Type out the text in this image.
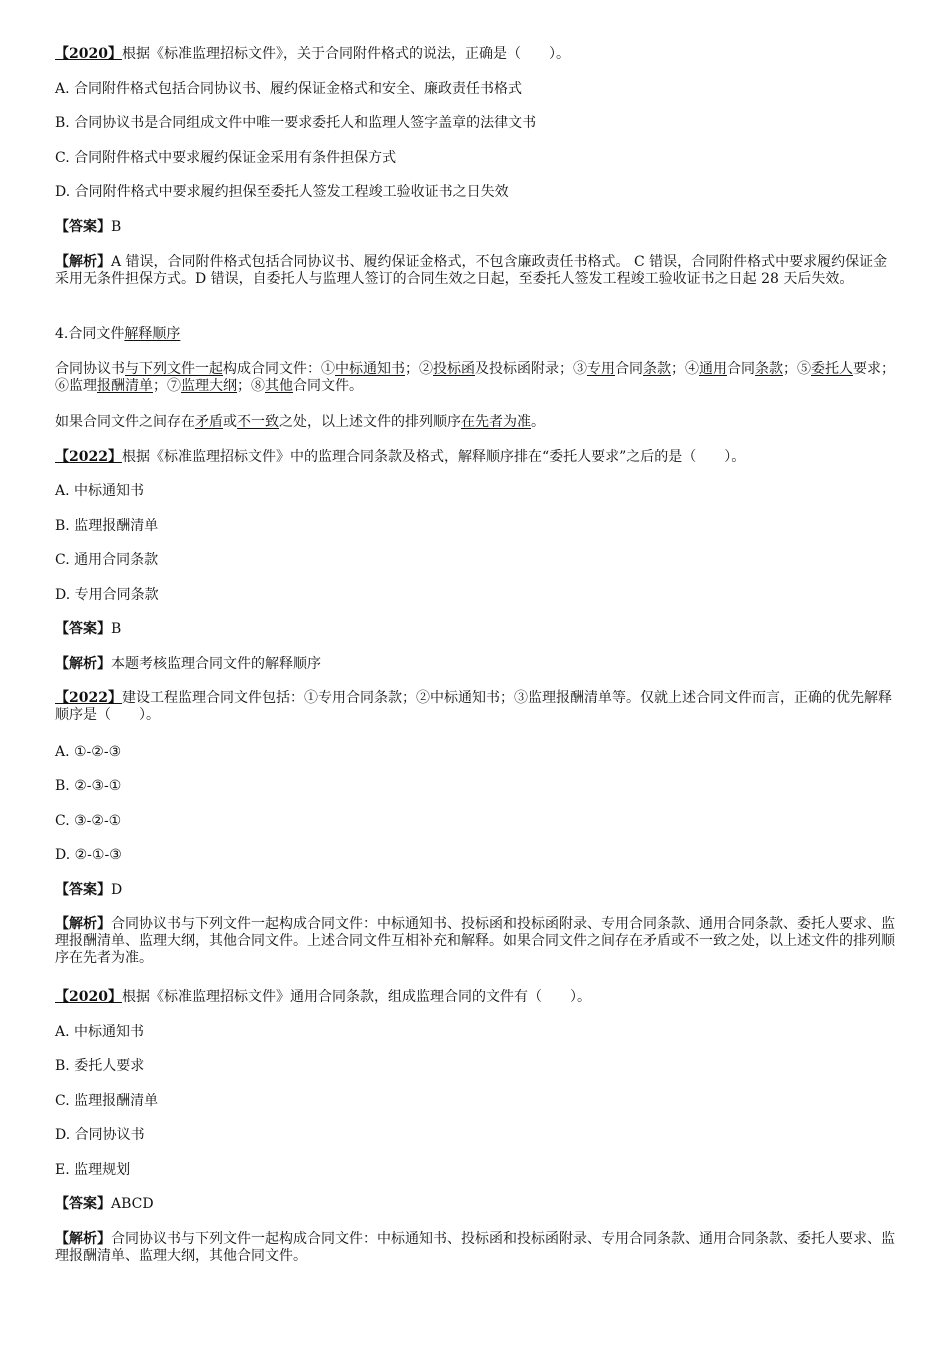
【2020】根据《标准监理招标文件》，关于合同附件格式的说法，正确是（　　）。
A. 合同附件格式包括合同协议书、履约保证金格式和安全、廉政责任书格式
B. 合同协议书是合同组成文件中唯一要求委托人和监理人签字盖章的法律文书
C. 合同附件格式中要求履约保证金采用有条件担保方式
D. 合同附件格式中要求履约担保至委托人签发工程竣工验收证书之日失效
【答案】B
【解析】A 错误，合同附件格式包括合同协议书、履约保证金格式，不包含廉政责任书格式。 C 错误，合同附件格式中要求履约保证金采用无条件担保方式。D 错误，自委托人与监理人签订的合同生效之日起，至委托人签发工程竣工验收证书之日起 28 天后失效。
4.合同文件解释顺序
合同协议书与下列文件一起构成合同文件：①中标通知书；②投标函及投标函附录；③专用合同条款；④通用合同条款；⑤委托人要求；⑥监理报酬清单；⑦监理大纲；⑧其他合同文件。
如果合同文件之间存在矛盾或不一致之处，以上述文件的排列顺序在先者为准。
【2022】根据《标准监理招标文件》中的监理合同条款及格式，解释顺序排在“委托人要求”之后的是（　　）。
A. 中标通知书
B. 监理报酬清单
C. 通用合同条款
D. 专用合同条款
【答案】B
【解析】本题考核监理合同文件的解释顺序
【2022】建设工程监理合同文件包括：①专用合同条款；②中标通知书；③监理报酬清单等。仅就上述合同文件而言，正确的优先解释顺序是（　　）。
A. ①-②-③
B. ②-③-①
C. ③-②-①
D. ②-①-③
【答案】D
【解析】合同协议书与下列文件一起构成合同文件：中标通知书、投标函和投标函附录、专用合同条款、通用合同条款、委托人要求、监理报酬清单、监理大纲，其他合同文件。上述合同文件互相补充和解释。如果合同文件之间存在矛盾或不一致之处，以上述文件的排列顺序在先者为准。
【2020】根据《标准监理招标文件》通用合同条款，组成监理合同的文件有（　　）。
A. 中标通知书
B. 委托人要求
C. 监理报酬清单
D. 合同协议书
E. 监理规划
【答案】ABCD
【解析】合同协议书与下列文件一起构成合同文件：中标通知书、投标函和投标函附录、专用合同条款、通用合同条款、委托人要求、监理报酬清单、监理大纲，其他合同文件。
